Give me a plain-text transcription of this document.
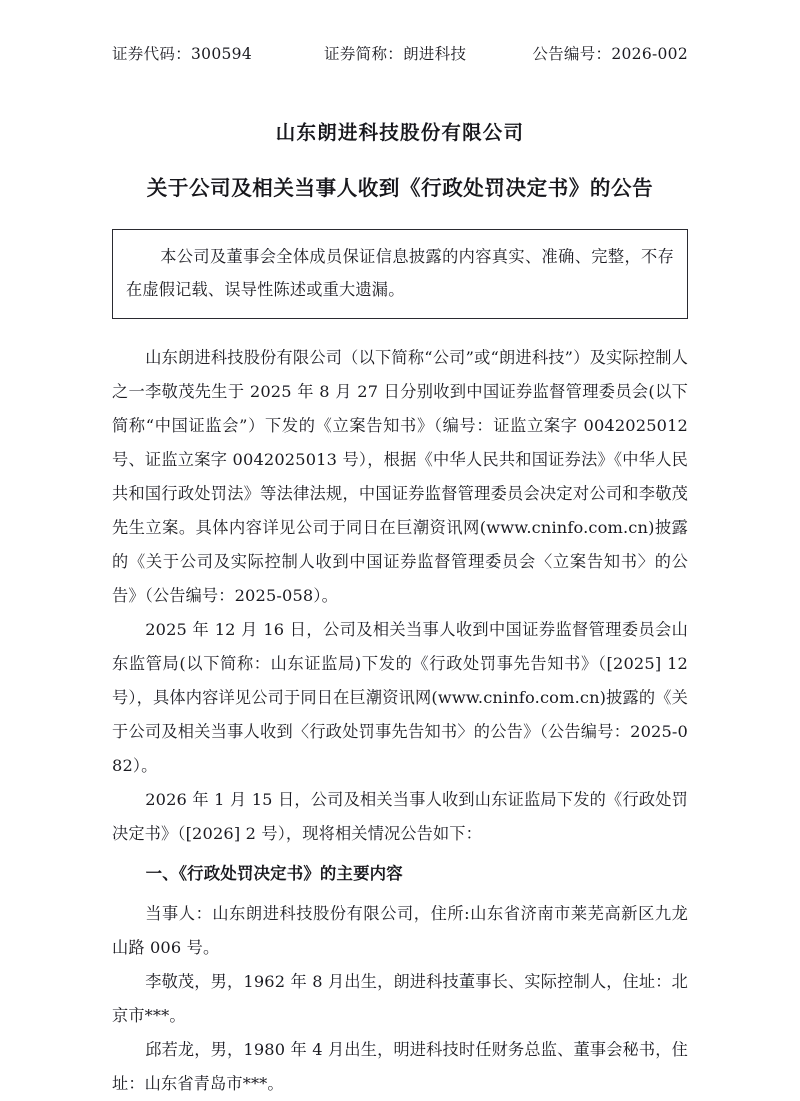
证券代码：300594	证券简称：朗进科技	公告编号：2026-002
山东朗进科技股份有限公司
关于公司及相关当事人收到《行政处罚决定书》的公告
本公司及董事会全体成员保证信息披露的内容真实、准确、完整，不存在虚假记载、误导性陈述或重大遗漏。

山东朗进科技股份有限公司（以下简称“公司”或“朗进科技”）及实际控制人之一李敬茂先生于 2025 年 8 月 27 日分别收到中国证券监督管理委员会(以下简称“中国证监会”）下发的《立案告知书》（编号：证监立案字 0042025012 号、证监立案字 0042025013 号），根据《中华人民共和国证券法》《中华人民共和国行政处罚法》等法律法规，中国证券监督管理委员会决定对公司和李敬茂先生立案。具体内容详见公司于同日在巨潮资讯网(www.cninfo.com.cn)披露的《关于公司及实际控制人收到中国证券监督管理委员会〈立案告知书〉的公告》（公告编号：2025-058）。

2025 年 12 月 16 日，公司及相关当事人收到中国证券监督管理委员会山东监管局(以下简称：山东证监局)下发的《行政处罚事先告知书》（[2025] 12 号），具体内容详见公司于同日在巨潮资讯网(www.cninfo.com.cn)披露的《关于公司及相关当事人收到〈行政处罚事先告知书〉的公告》（公告编号：2025-082）。

2026 年 1 月 15 日，公司及相关当事人收到山东证监局下发的《行政处罚决定书》（[2026] 2 号），现将相关情况公告如下：

一、《行政处罚决定书》的主要内容

当事人：山东朗进科技股份有限公司，住所:山东省济南市莱芜高新区九龙山路 006 号。

李敬茂，男，1962 年 8 月出生，朗进科技董事长、实际控制人，住址：北京市***。

邱若龙，男，1980 年 4 月出生，明进科技时任财务总监、董事会秘书，住址：山东省青岛市***。
